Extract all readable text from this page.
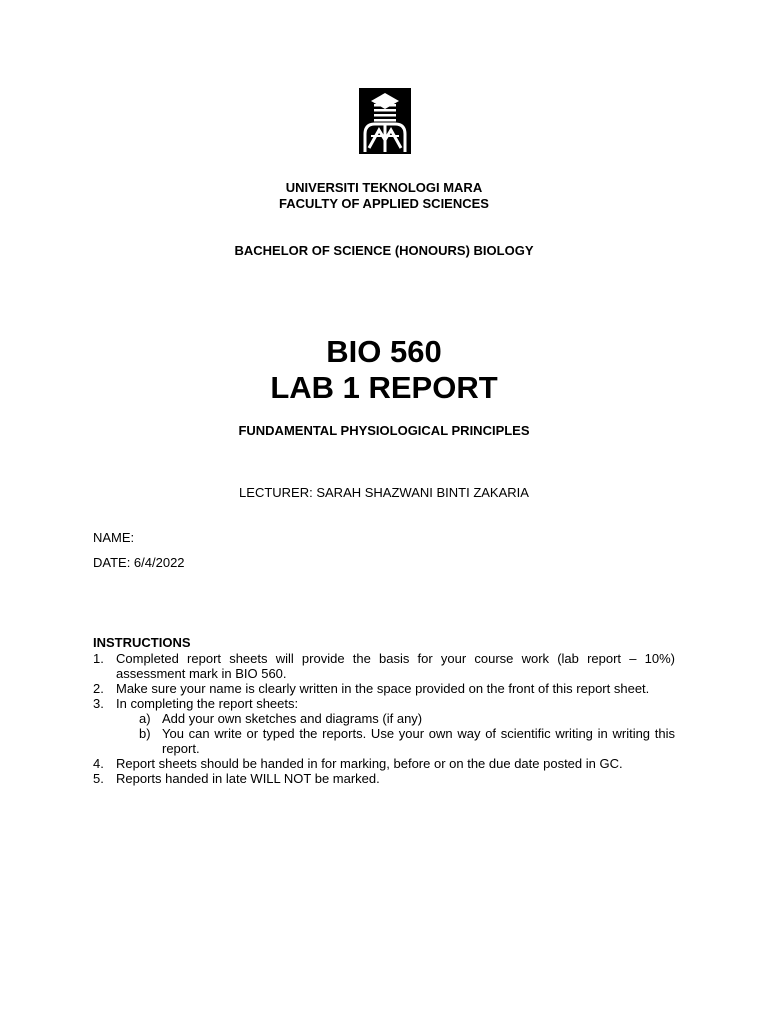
UNIVERSITI TEKNOLOGI MARA
FACULTY OF APPLIED SCIENCES
BACHELOR OF SCIENCE (HONOURS) BIOLOGY
BIO 560
LAB 1 REPORT
FUNDAMENTAL PHYSIOLOGICAL PRINCIPLES
LECTURER: SARAH SHAZWANI BINTI ZAKARIA
NAME:
DATE: 6/4/2022
INSTRUCTIONS
1. Completed report sheets will provide the basis for your course work (lab report – 10%) assessment mark in BIO 560.
2. Make sure your name is clearly written in the space provided on the front of this report sheet.
3. In completing the report sheets:
a) Add your own sketches and diagrams (if any)
b) You can write or typed the reports. Use your own way of scientific writing in writing this report.
4. Report sheets should be handed in for marking, before or on the due date posted in GC.
5. Reports handed in late WILL NOT be marked.
